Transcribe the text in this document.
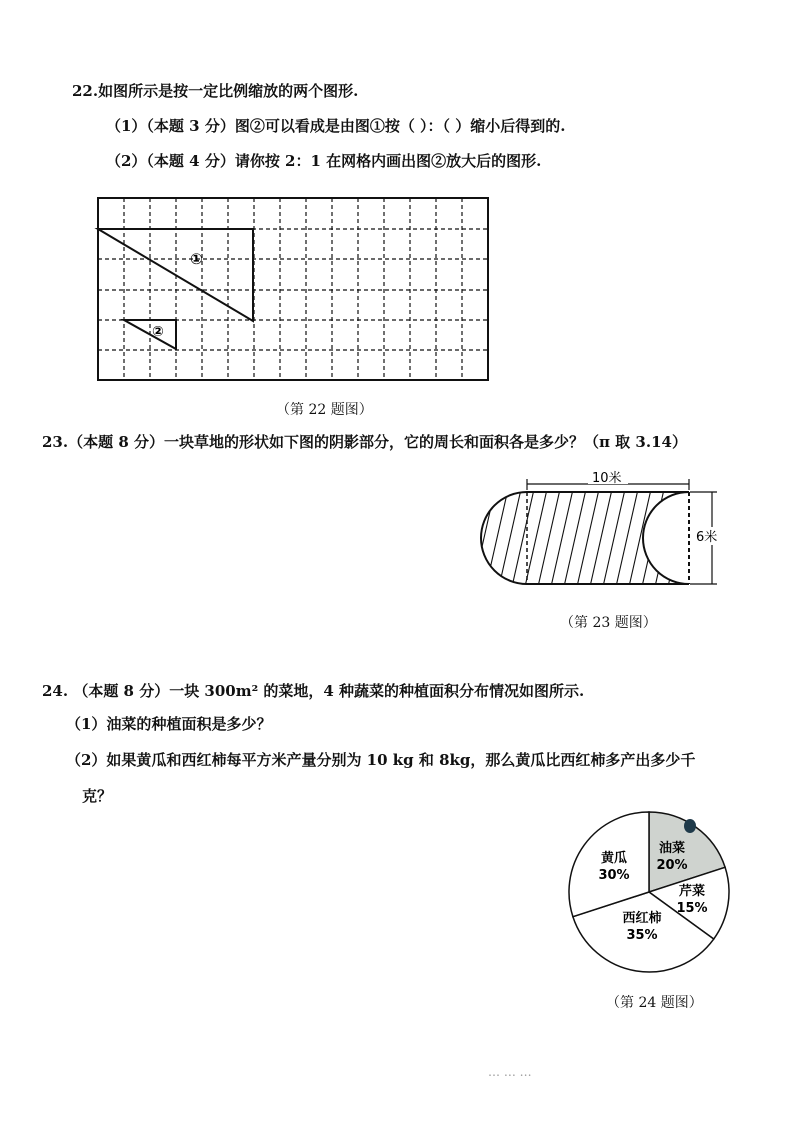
22.如图所示是按一定比例缩放的两个图形.
（1）（本题 3 分）图②可以看成是由图①按（ ）：（ ）缩小后得到的.
（2）（本题 4 分）请你按 2：1 在网格内画出图②放大后的图形.
①
②
（第 22 题图）
23.（本题 8 分）一块草地的形状如下图的阴影部分，它的周长和面积各是多少？（π 取 3.14）
10米
6米
（第 23 题图）
24. （本题 8 分）一块 300m² 的菜地，4 种蔬菜的种植面积分布情况如图所示.
（1）油菜的种植面积是多少？
（2）如果黄瓜和西红柿每平方米产量分别为 10 kg 和 8kg，那么黄瓜比西红柿多产出多少千
克？
油菜
20%
芹菜
15%
西红柿
35%
黄瓜
30%
（第 24 题图）
… … …
